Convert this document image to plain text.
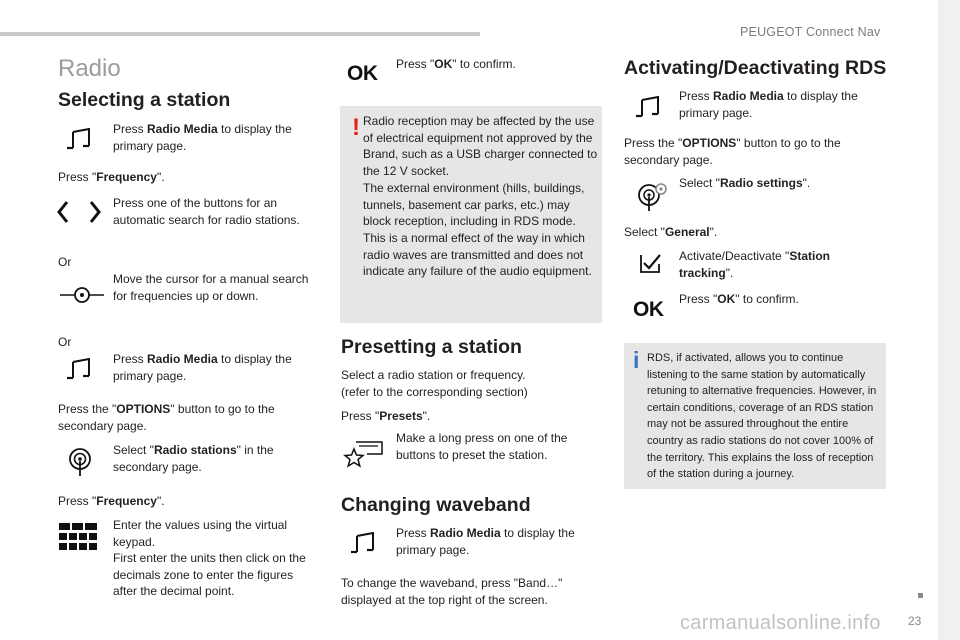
PEUGEOT Connect Nav
23
Radio
Selecting a station
Press Radio Media to display the primary page.
Press "Frequency".
Press one of the buttons for an automatic search for radio stations.
Or
Move the cursor for a manual search for frequencies up or down.
Or
Press Radio Media to display the primary page.
Press the "OPTIONS" button to go to the secondary page.
Select "Radio stations" in the secondary page.
Press "Frequency".
Enter the values using the virtual keypad.
First enter the units then click on the decimals zone to enter the figures after the decimal point.
OK Press "OK" to confirm.
! Radio reception may be affected by the use of electrical equipment not approved by the Brand, such as a USB charger connected to the 12 V socket.
The external environment (hills, buildings, tunnels, basement car parks, etc.) may block reception, including in RDS mode. This is a normal effect of the way in which radio waves are transmitted and does not indicate any failure of the audio equipment.
Presetting a station
Select a radio station or frequency.
(refer to the corresponding section)
Press "Presets".
Make a long press on one of the buttons to preset the station.
Changing waveband
Press Radio Media to display the primary page.
To change the waveband, press "Band…" displayed at the top right of the screen.
Activating/Deactivating RDS
Press Radio Media to display the primary page.
Press the "OPTIONS" button to go to the secondary page.
Select "Radio settings".
Select "General".
Activate/Deactivate "Station tracking".
OK Press "OK" to confirm.
i RDS, if activated, allows you to continue listening to the same station by automatically retuning to alternative frequencies. However, in certain conditions, coverage of an RDS station may not be assured throughout the entire country as radio stations do not cover 100% of the territory. This explains the loss of reception of the station during a journey.
carmanualsonline.info
